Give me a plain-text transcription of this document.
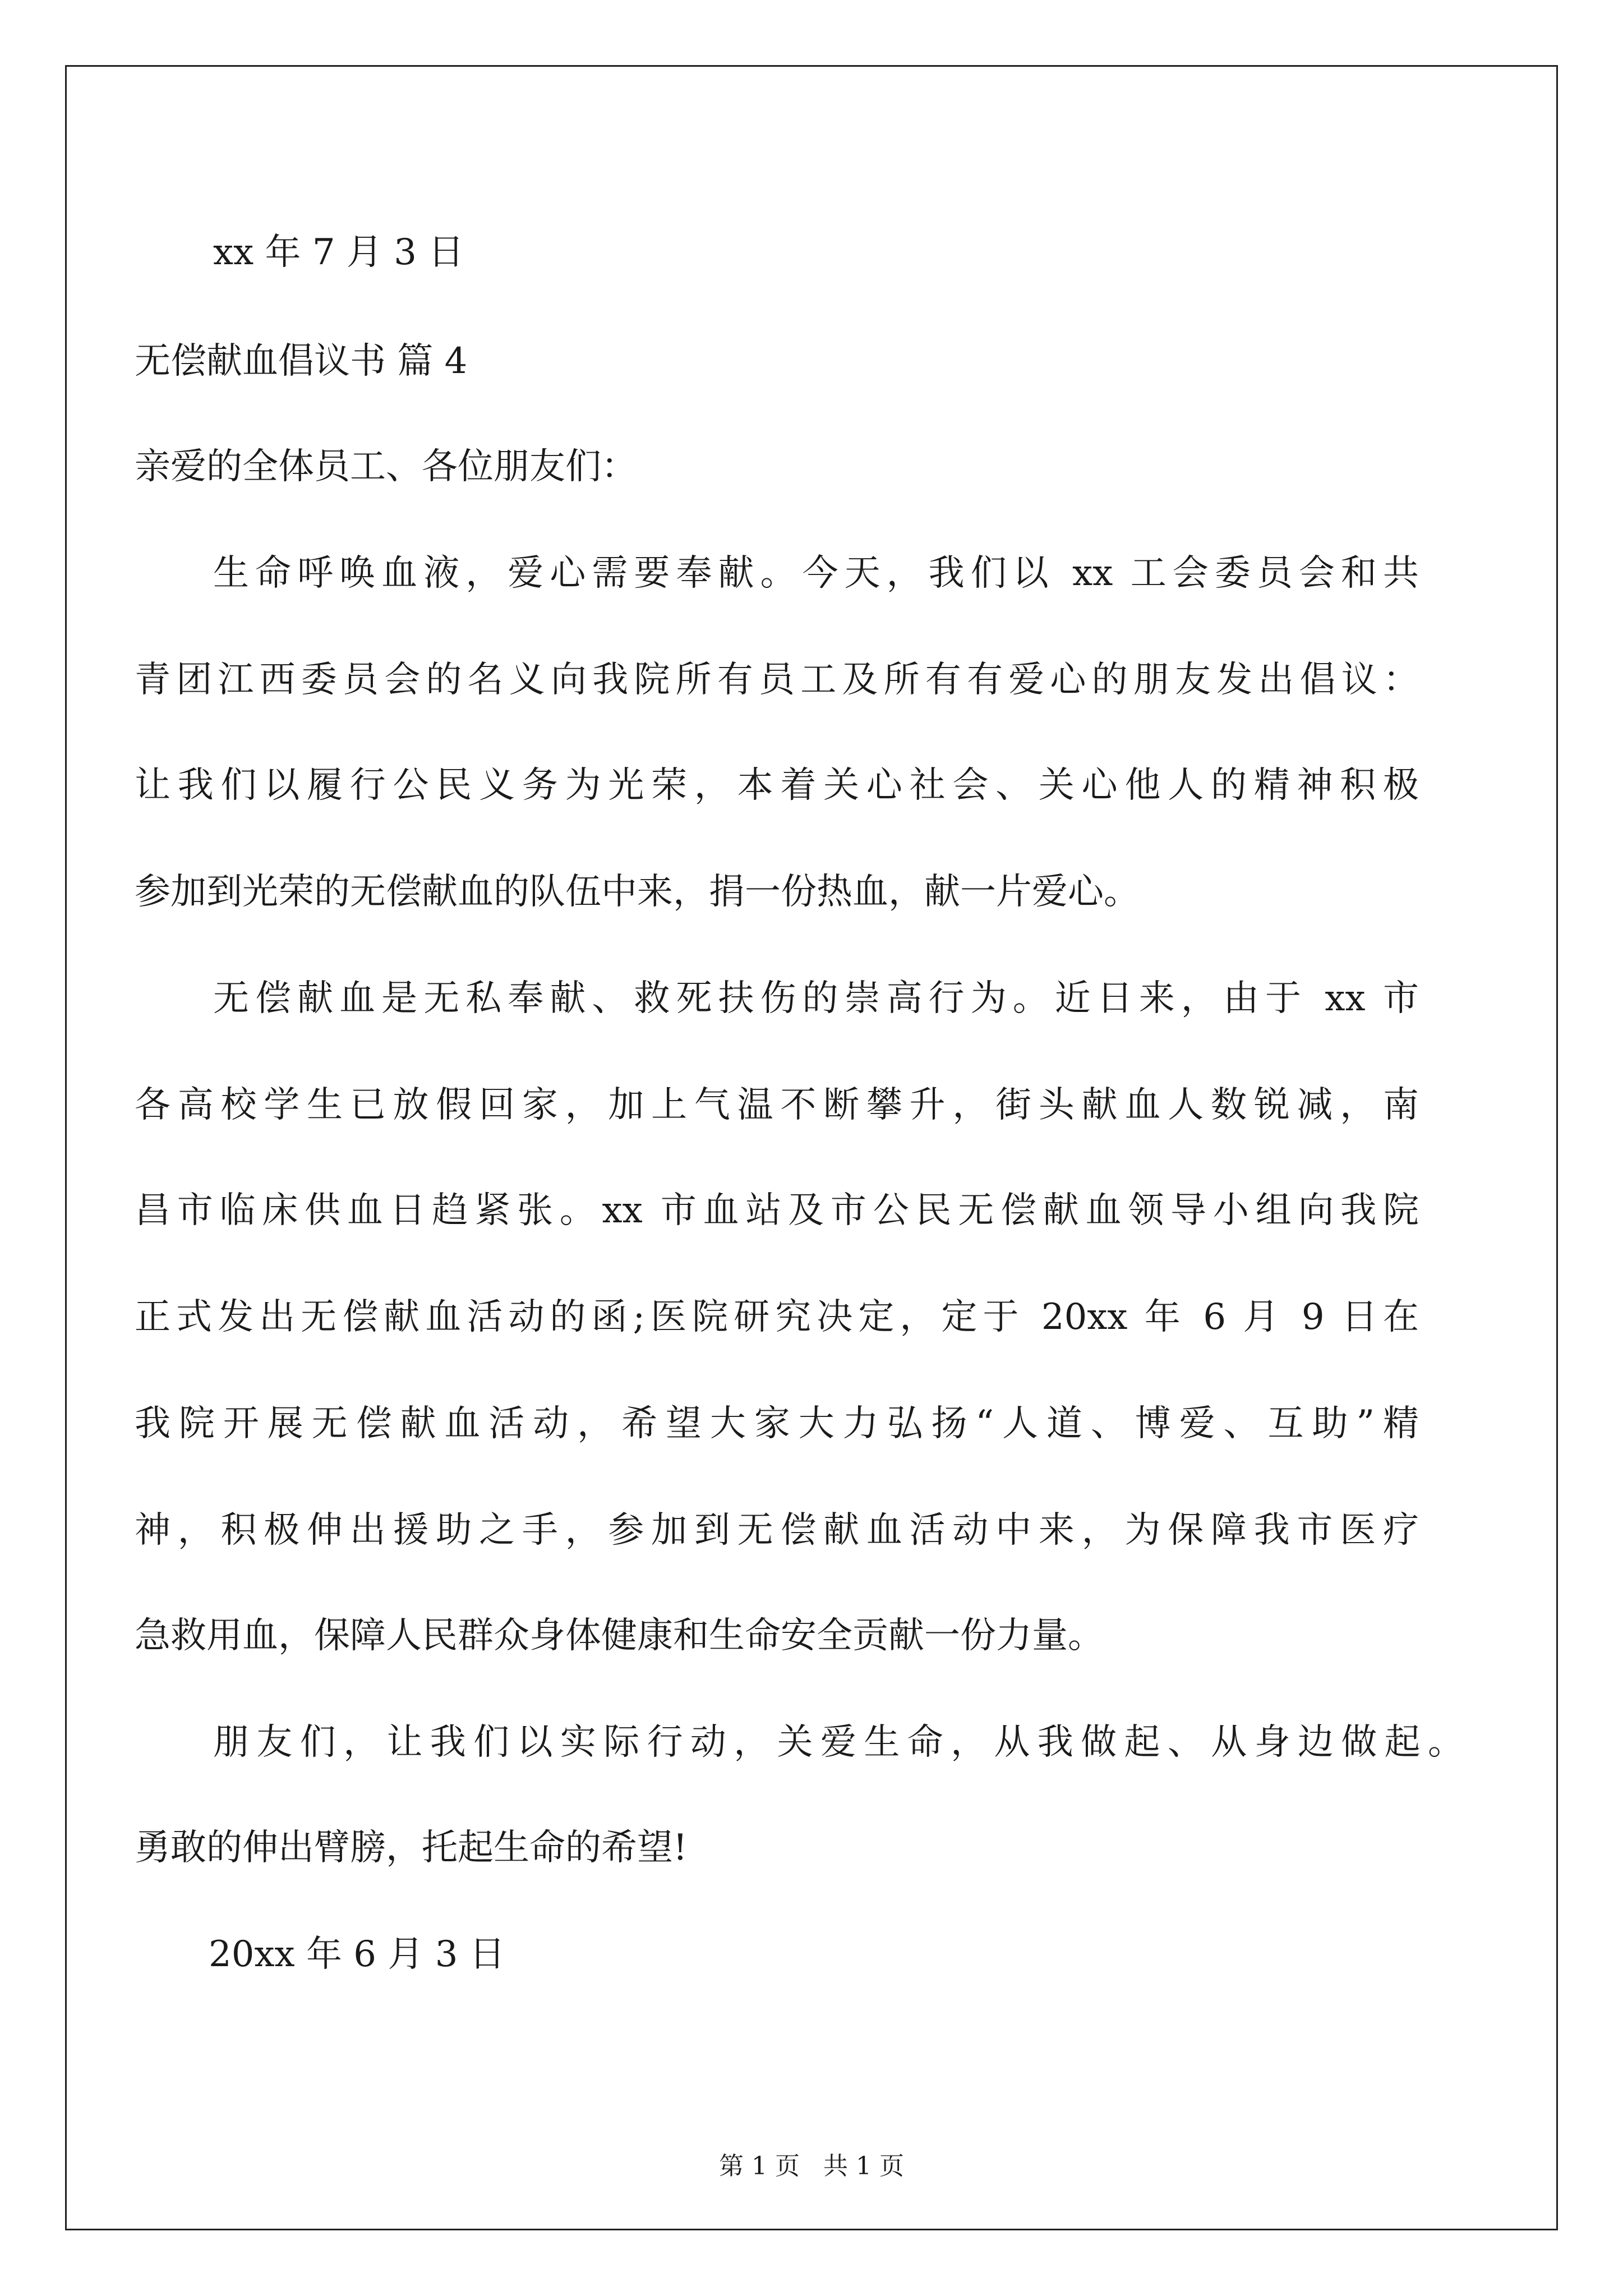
xx 年 7 月 3 日
无偿献血倡议书 篇 4
亲爱的全体员工、各位朋友们：
生命呼唤血液，爱心需要奉献。今天，我们以 xx 工会委员会和共
青团江西委员会的名义向我院所有员工及所有有爱心的朋友发出倡议：
让我们以履行公民义务为光荣，本着关心社会、关心他人的精神积极
参加到光荣的无偿献血的队伍中来，捐一份热血，献一片爱心。
无偿献血是无私奉献、救死扶伤的崇高行为。近日来，由于 xx 市
各高校学生已放假回家，加上气温不断攀升，街头献血人数锐减，南
昌市临床供血日趋紧张。xx 市血站及市公民无偿献血领导小组向我院
正式发出无偿献血活动的函;医院研究决定，定于 20xx 年 6 月 9 日在
我院开展无偿献血活动，希望大家大力弘扬“人道、博爱、互助”精
神，积极伸出援助之手，参加到无偿献血活动中来，为保障我市医疗
急救用血，保障人民群众身体健康和生命安全贡献一份力量。
朋友们，让我们以实际行动，关爱生命，从我做起、从身边做起。
勇敢的伸出臂膀，托起生命的希望!
20xx 年 6 月 3 日
第 1 页   共 1 页
